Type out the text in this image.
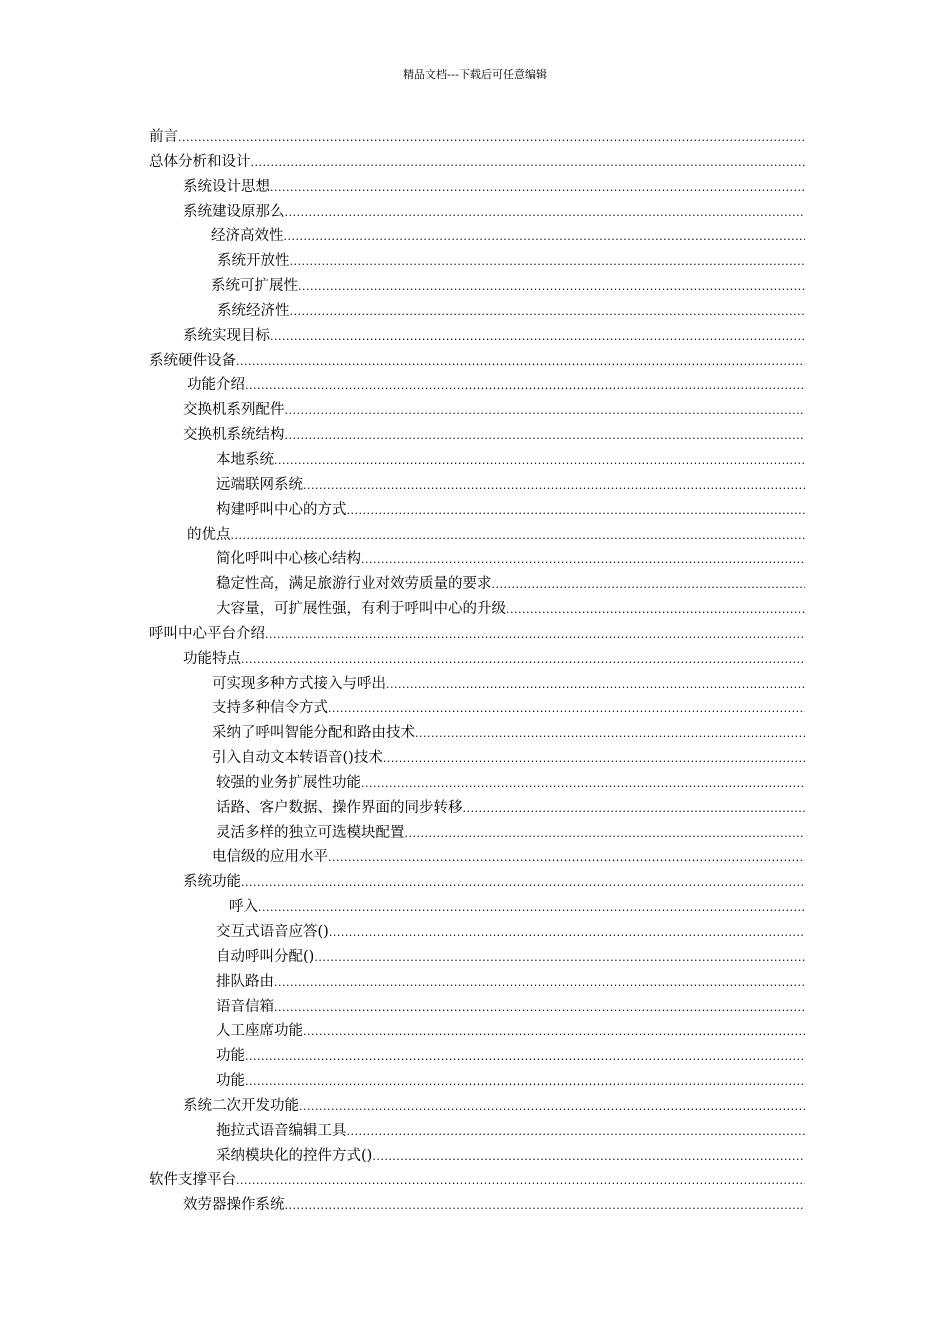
精品文档---下载后可任意编辑
前言
.....
总体分析和设计
.....
系统设计思想
.....
系统建设原那么
.....
经济高效性
.....
系统开放性
.....
系统可扩展性
.....
系统经济性
.....
系统实现目标
.....
系统硬件设备
.....
功能介绍
.....
交换机系列配件
.....
交换机系统结构
.....
本地系统
.....
远端联网系统
.....
构建呼叫中心的方式
.....
的优点
.....
简化呼叫中心核心结构
.....
稳定性高，满足旅游行业对效劳质量的要求
.....
大容量，可扩展性强，有利于呼叫中心的升级
.....
呼叫中心平台介绍
.....
功能特点
.....
可实现多种方式接入与呼出
.....
支持多种信令方式
.....
采纳了呼叫智能分配和路由技术
.....
引入自动文本转语音()技术
.....
较强的业务扩展性功能
.....
话路、客户数据、操作界面的同步转移
.....
灵活多样的独立可选模块配置
.....
电信级的应用水平
.....
系统功能
.....
呼入
.....
交互式语音应答()
.....
自动呼叫分配()
.....
排队路由
.....
语音信箱
.....
人工座席功能
.....
功能
.....
功能
.....
系统二次开发功能
.....
拖拉式语音编辑工具
.....
采纳模块化的控件方式()
.....
软件支撑平台
.....
效劳器操作系统
.....
